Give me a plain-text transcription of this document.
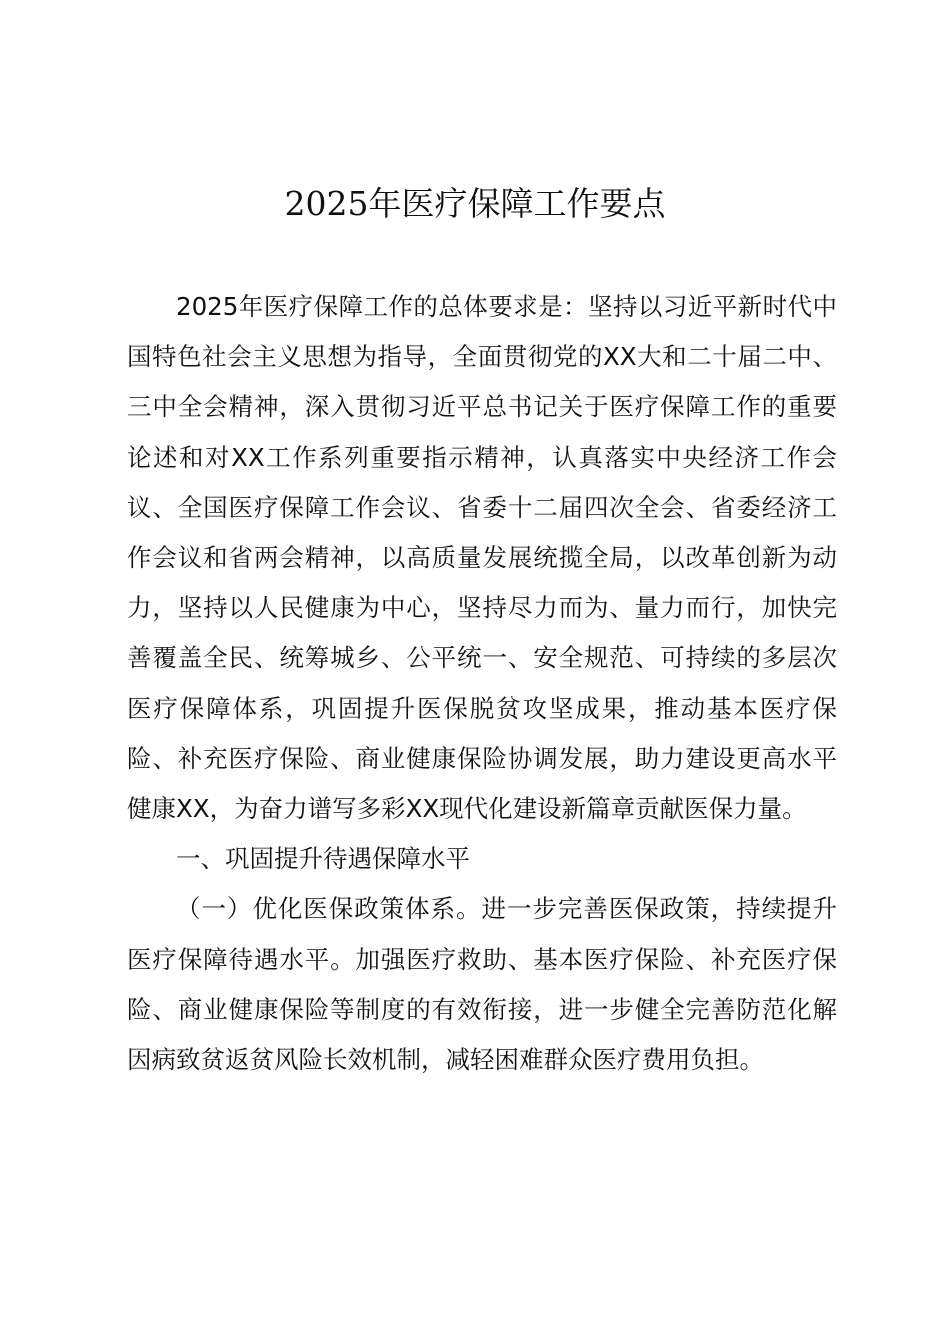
2025年医疗保障工作要点

2025年医疗保障工作的总体要求是：坚持以习近平新时代中国特色社会主义思想为指导，全面贯彻党的XX大和二十届二中、三中全会精神，深入贯彻习近平总书记关于医疗保障工作的重要论述和对XX工作系列重要指示精神，认真落实中央经济工作会议、全国医疗保障工作会议、省委十二届四次全会、省委经济工作会议和省两会精神，以高质量发展统揽全局，以改革创新为动力，坚持以人民健康为中心，坚持尽力而为、量力而行，加快完善覆盖全民、统筹城乡、公平统一、安全规范、可持续的多层次医疗保障体系，巩固提升医保脱贫攻坚成果，推动基本医疗保险、补充医疗保险、商业健康保险协调发展，助力建设更高水平健康XX，为奋力谱写多彩XX现代化建设新篇章贡献医保力量。

一、巩固提升待遇保障水平

（一）优化医保政策体系。进一步完善医保政策，持续提升医疗保障待遇水平。加强医疗救助、基本医疗保险、补充医疗保险、商业健康保险等制度的有效衔接，进一步健全完善防范化解因病致贫返贫风险长效机制，减轻困难群众医疗费用负担。
